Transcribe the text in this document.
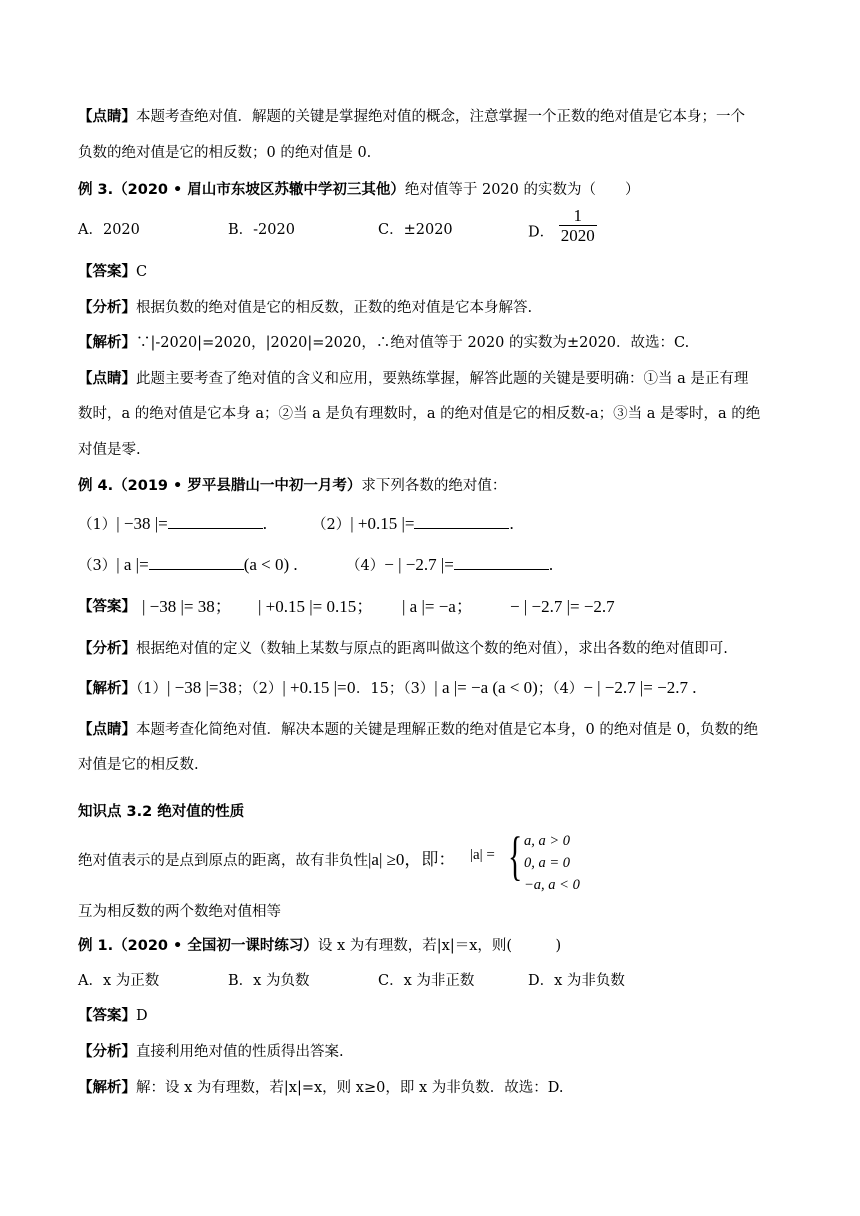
【点睛】本题考查绝对值．解题的关键是掌握绝对值的概念，注意掌握一个正数的绝对值是它本身；一个
负数的绝对值是它的相反数；0 的绝对值是 0.
例 3.（2020 • 眉山市东坡区苏辙中学初三其他）绝对值等于 2020 的实数为（　　）
A．2020	B．-2020	C．±2020	D． $\frac{1}{2020}$
【答案】C
【分析】根据负数的绝对值是它的相反数，正数的绝对值是它本身解答.
【解析】∵|-2020|=2020，|2020|=2020，∴绝对值等于 2020 的实数为±2020．故选：C.
【点睛】此题主要考查了绝对值的含义和应用，要熟练掌握，解答此题的关键是要明确：①当 a 是正有理
数时，a 的绝对值是它本身 a；②当 a 是负有理数时，a 的绝对值是它的相反数-a；③当 a 是零时，a 的绝
对值是零.
例 4.（2019 • 罗平县腊山一中初一月考）求下列各数的绝对值：
（1）| −38 |=	.	（2）| +0.15 |=	.
（3）| a |=	(a < 0) .	（4）− | −2.7 |=	.
【答案】 | −38 |= 38； | +0.15 |= 0.15； | a |= −a； − | −2.7 |= −2.7
【分析】根据绝对值的定义（数轴上某数与原点的距离叫做这个数的绝对值），求出各数的绝对值即可.
【解析】（1）| −38 |=38；（2）| +0.15 |=0．15；（3）| a |= −a (a < 0)；（4）− | −2.7 |= −2.7 .
【点睛】本题考查化简绝对值．解决本题的关键是理解正数的绝对值是它本身，0 的绝对值是 0，负数的绝
对值是它的相反数.
知识点 3.2 绝对值的性质
绝对值表示的是点到原点的距离，故有非负性|a| ≥0，即： |a| = { a, a > 0
0, a = 0
−a, a < 0
互为相反数的两个数绝对值相等
例 1.（2020 • 全国初一课时练习）设 x 为有理数，若|x|＝x，则(　　　)
A．x 为正数	B．x 为负数	C．x 为非正数	D．x 为非负数
【答案】D
【分析】直接利用绝对值的性质得出答案.
【解析】解：设 x 为有理数，若|x|=x，则 x≥0，即 x 为非负数．故选：D.
